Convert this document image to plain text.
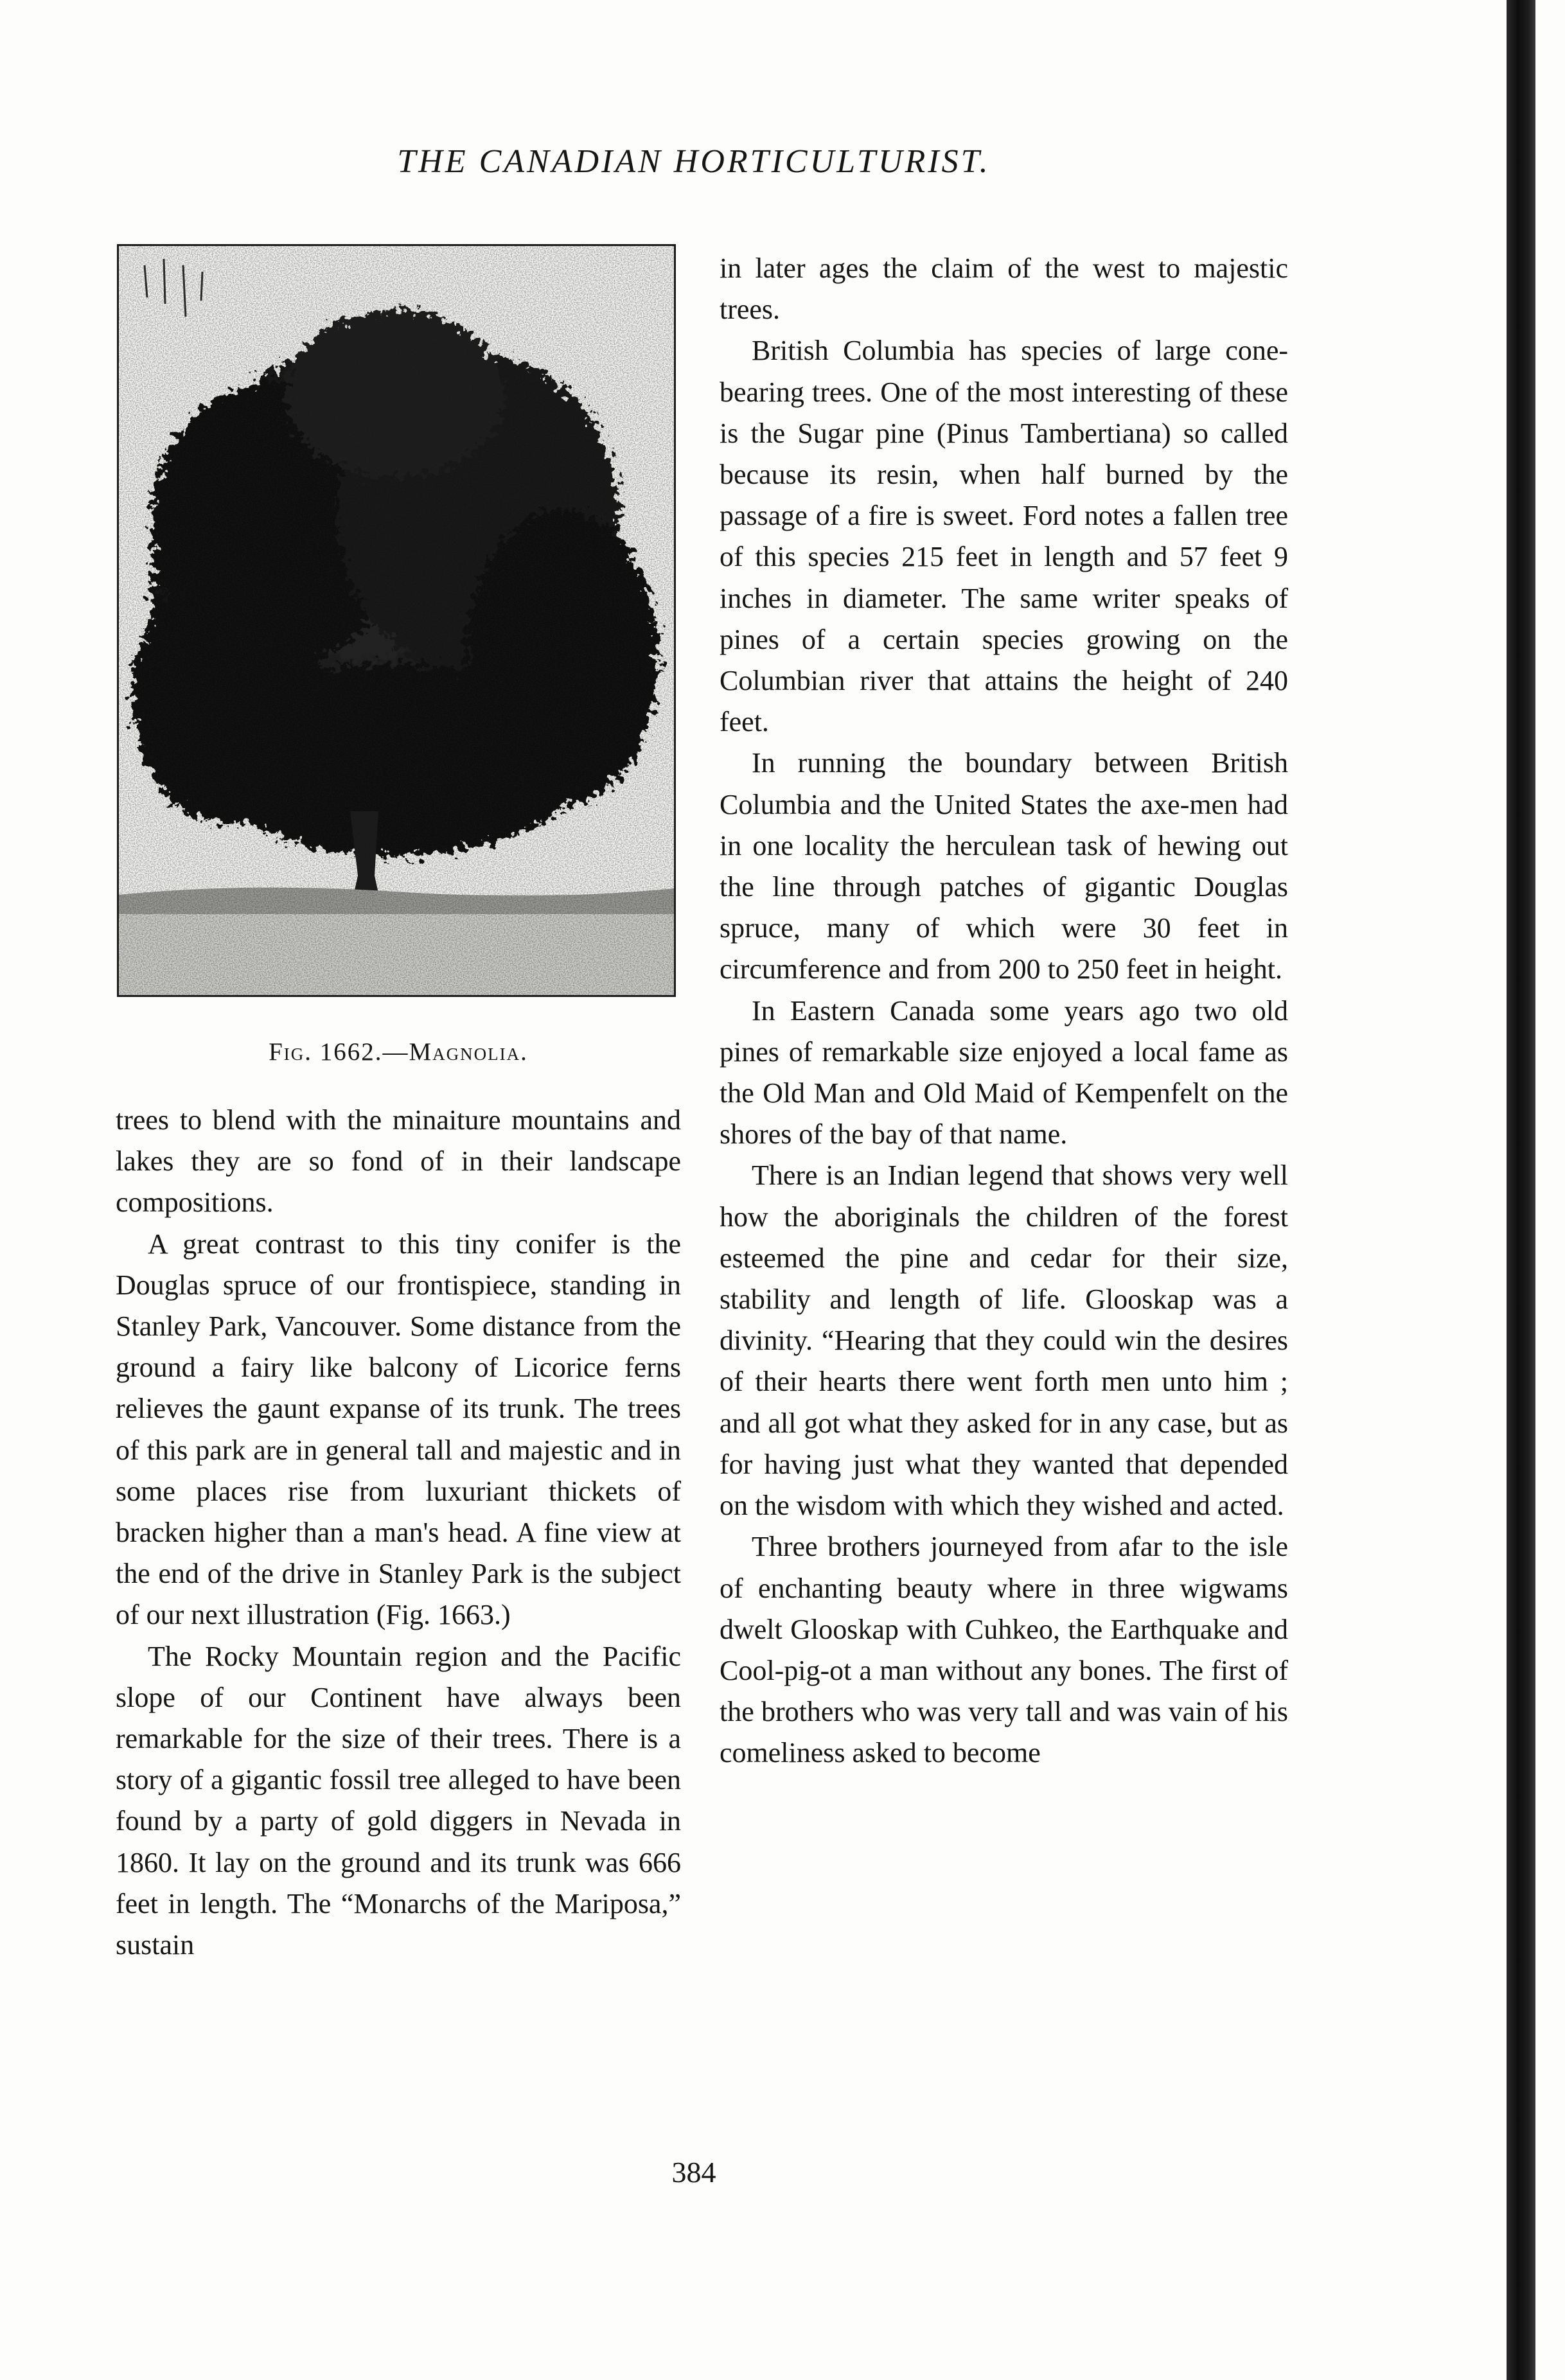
THE CANADIAN HORTICULTURIST.

Fig. 1662.—Magnolia.

trees to blend with the minaiture mountains and lakes they are so fond of in their landscape compositions.

A great contrast to this tiny conifer is the Douglas spruce of our frontispiece, standing in Stanley Park, Vancouver. Some distance from the ground a fairy like balcony of Licorice ferns relieves the gaunt expanse of its trunk. The trees of this park are in general tall and majestic and in some places rise from luxuriant thickets of bracken higher than a man's head. A fine view at the end of the drive in Stanley Park is the subject of our next illustration (Fig. 1663.)

The Rocky Mountain region and the Pacific slope of our Continent have always been remarkable for the size of their trees. There is a story of a gigantic fossil tree alleged to have been found by a party of gold diggers in Nevada in 1860. It lay on the ground and its trunk was 666 feet in length. The “Monarchs of the Mariposa,” sustain

in later ages the claim of the west to majestic trees.

British Columbia has species of large cone-bearing trees. One of the most interesting of these is the Sugar pine (Pinus Tambertiana) so called because its resin, when half burned by the passage of a fire is sweet. Ford notes a fallen tree of this species 215 feet in length and 57 feet 9 inches in diameter. The same writer speaks of pines of a certain species growing on the Columbian river that attains the height of 240 feet.

In running the boundary between British Columbia and the United States the axe-men had in one locality the herculean task of hewing out the line through patches of gigantic Douglas spruce, many of which were 30 feet in circumference and from 200 to 250 feet in height.

In Eastern Canada some years ago two old pines of remarkable size enjoyed a local fame as the Old Man and Old Maid of Kempenfelt on the shores of the bay of that name.

There is an Indian legend that shows very well how the aboriginals the children of the forest esteemed the pine and cedar for their size, stability and length of life. Glooskap was a divinity. “Hearing that they could win the desires of their hearts there went forth men unto him ; and all got what they asked for in any case, but as for having just what they wanted that depended on the wisdom with which they wished and acted.

Three brothers journeyed from afar to the isle of enchanting beauty where in three wigwams dwelt Glooskap with Cuhkeo, the Earthquake and Cool-pig-ot a man without any bones. The first of the brothers who was very tall and was vain of his comeliness asked to become

384
